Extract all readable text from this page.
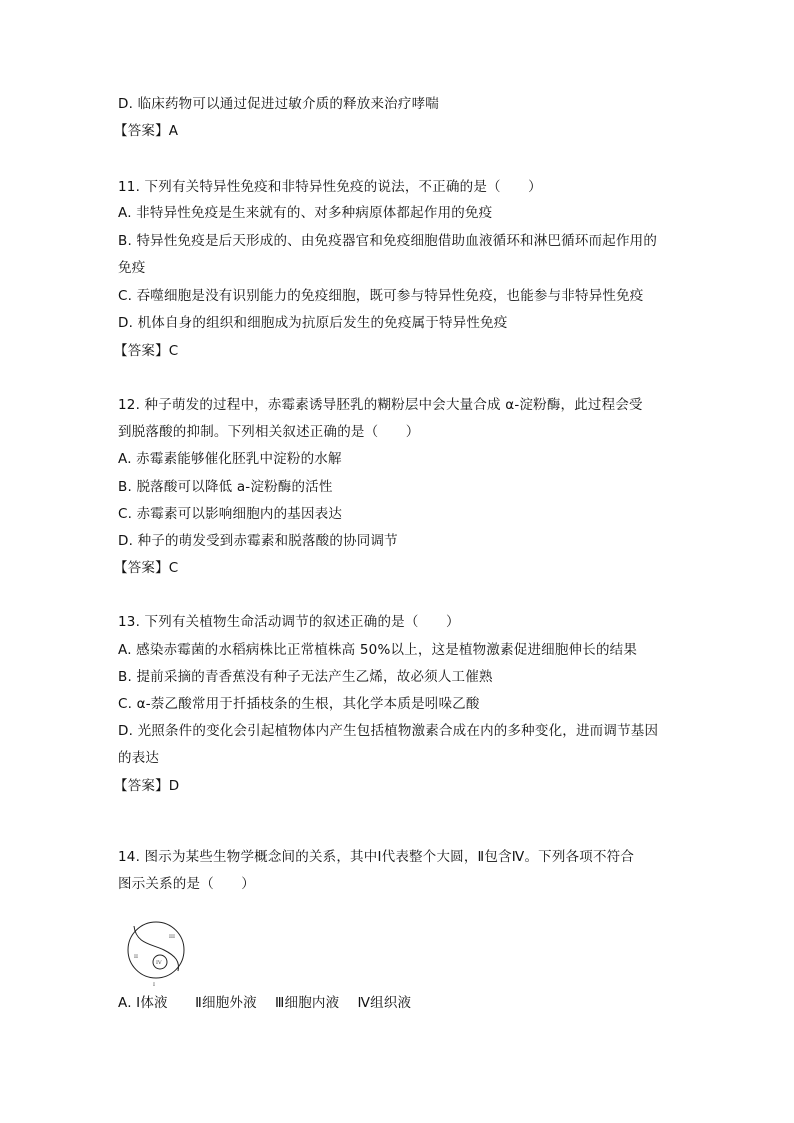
D. 临床药物可以通过促进过敏介质的释放来治疗哮喘
【答案】A
11. 下列有关特异性免疫和非特异性免疫的说法，不正确的是（　　）
A. 非特异性免疫是生来就有的、对多种病原体都起作用的免疫
B. 特异性免疫是后天形成的、由免疫器官和免疫细胞借助血液循环和淋巴循环而起作用的
免疫
C. 吞噬细胞是没有识别能力的免疫细胞，既可参与特异性免疫，也能参与非特异性免疫
D. 机体自身的组织和细胞成为抗原后发生的免疫属于特异性免疫
【答案】C
12. 种子萌发的过程中，赤霉素诱导胚乳的糊粉层中会大量合成 α-淀粉酶，此过程会受
到脱落酸的抑制。下列相关叙述正确的是（　　）
A. 赤霉素能够催化胚乳中淀粉的水解
B. 脱落酸可以降低 a-淀粉酶的活性
C. 赤霉素可以影响细胞内的基因表达
D. 种子的萌发受到赤霉素和脱落酸的协同调节
【答案】C
13. 下列有关植物生命活动调节的叙述正确的是（　　）
A. 感染赤霉菌的水稻病株比正常植株高 50%以上，这是植物激素促进细胞伸长的结果
B. 提前采摘的青香蕉没有种子无法产生乙烯，故必须人工催熟
C. α-萘乙酸常用于扦插枝条的生根，其化学本质是吲哚乙酸
D. 光照条件的变化会引起植物体内产生包括植物激素合成在内的多种变化，进而调节基因
的表达
【答案】D
14. 图示为某些生物学概念间的关系，其中Ⅰ代表整个大圆，Ⅱ包含Ⅳ。下列各项不符合
图示关系的是（　　）
III
II
IV
I
A. Ⅰ体液　　Ⅱ细胞外液　 Ⅲ细胞内液　 Ⅳ组织液
